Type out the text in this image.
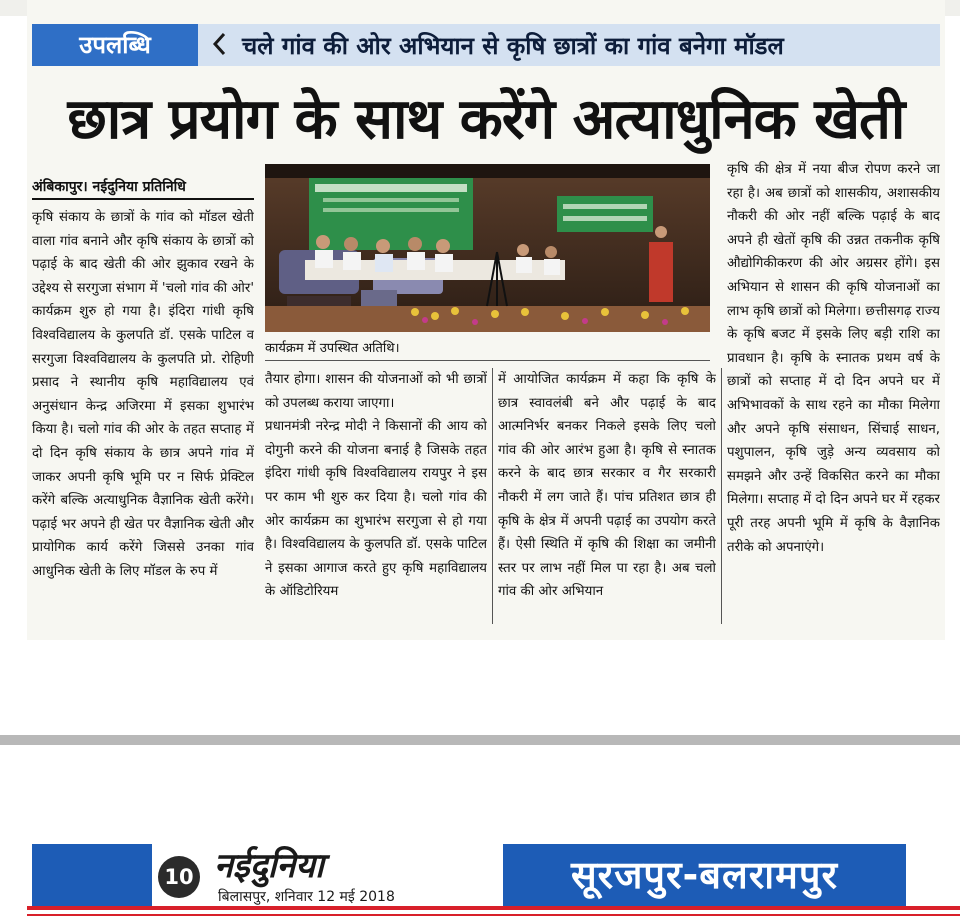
उपलब्धि	चले गांव की ओर अभियान से कृषि छात्रों का गांव बनेगा मॉडल
छात्र प्रयोग के साथ करेंगे अत्याधुनिक खेती
अंबिकापुर। नईदुनिया प्रतिनिधि

कृषि संकाय के छात्रों के गांव को मॉडल खेती वाला गांव बनाने और कृषि संकाय के छात्रों को पढ़ाई के बाद खेती की ओर झुकाव रखने के उद्देश्य से सरगुजा संभाग में 'चलो गांव की ओर' कार्यक्रम शुरु हो गया है। इंदिरा गांधी कृषि विश्वविद्यालय के कुलपति डॉ. एसके पाटिल व सरगुजा विश्वविद्यालय के कुलपति प्रो. रोहिणी प्रसाद ने स्थानीय कृषि महाविद्यालय एवं अनुसंधान केन्द्र अजिरमा में इसका शुभारंभ किया है। चलो गांव की ओर के तहत सप्ताह में दो दिन कृषि संकाय के छात्र अपने गांव में जाकर अपनी कृषि भूमि पर न सिर्फ प्रेक्टिल करेंगे बल्कि अत्याधुनिक वैज्ञानिक खेती करेंगे। पढ़ाई भर अपने ही खेत पर वैज्ञानिक खेती और प्रायोगिक कार्य करेंगे जिससे उनका गांव आधुनिक खेती के लिए मॉडल के रुप में

कार्यक्रम में उपस्थित अतिथि।

तैयार होगा। शासन की योजनाओं को भी छात्रों को उपलब्ध कराया जाएगा।
प्रधानमंत्री नरेन्द्र मोदी ने किसानों की आय को दोगुनी करने की योजना बनाई है जिसके तहत इंदिरा गांधी कृषि विश्वविद्यालय रायपुर ने इस पर काम भी शुरु कर दिया है। चलो गांव की ओर कार्यक्रम का शुभारंभ सरगुजा से हो गया है। विश्वविद्यालय के कुलपति डॉ. एसके पाटिल ने इसका आगाज करते हुए कृषि महाविद्यालय के ऑडिटोरियम

में आयोजित कार्यक्रम में कहा कि कृषि के छात्र स्वावलंबी बने और पढ़ाई के बाद आत्मनिर्भर बनकर निकले इसके लिए चलो गांव की ओर आरंभ हुआ है। कृषि से स्नातक करने के बाद छात्र सरकार व गैर सरकारी नौकरी में लग जाते हैं। पांच प्रतिशत छात्र ही कृषि के क्षेत्र में अपनी पढ़ाई का उपयोग करते हैं। ऐसी स्थिति में कृषि की शिक्षा का जमीनी स्तर पर लाभ नहीं मिल पा रहा है। अब चलो गांव की ओर अभियान

कृषि की क्षेत्र में नया बीज रोपण करने जा रहा है। अब छात्रों को शासकीय, अशासकीय नौकरी की ओर नहीं बल्कि पढ़ाई के बाद अपने ही खेतों कृषि की उन्नत तकनीक कृषि औद्योगिकीकरण की ओर अग्रसर होंगे। इस अभियान से शासन की कृषि योजनाओं का लाभ कृषि छात्रों को मिलेगा। छत्तीसगढ़ राज्य के कृषि बजट में इसके लिए बड़ी राशि का प्रावधान है। कृषि के स्नातक प्रथम वर्ष के छात्रों को सप्ताह में दो दिन अपने घर में अभिभावकों के साथ रहने का मौका मिलेगा और अपने कृषि संसाधन, सिंचाई साधन, पशुपालन, कृषि जुड़े अन्य व्यवसाय को समझने और उन्हें विकसित करने का मौका मिलेगा। सप्ताह में दो दिन अपने घर में रहकर पूरी तरह अपनी भूमि में कृषि के वैज्ञानिक तरीके को अपनाएंगे।

10 नईदुनिया
बिलासपुर, शनिवार 12 मई 2018	सूरजपुर-बलरामपुर
